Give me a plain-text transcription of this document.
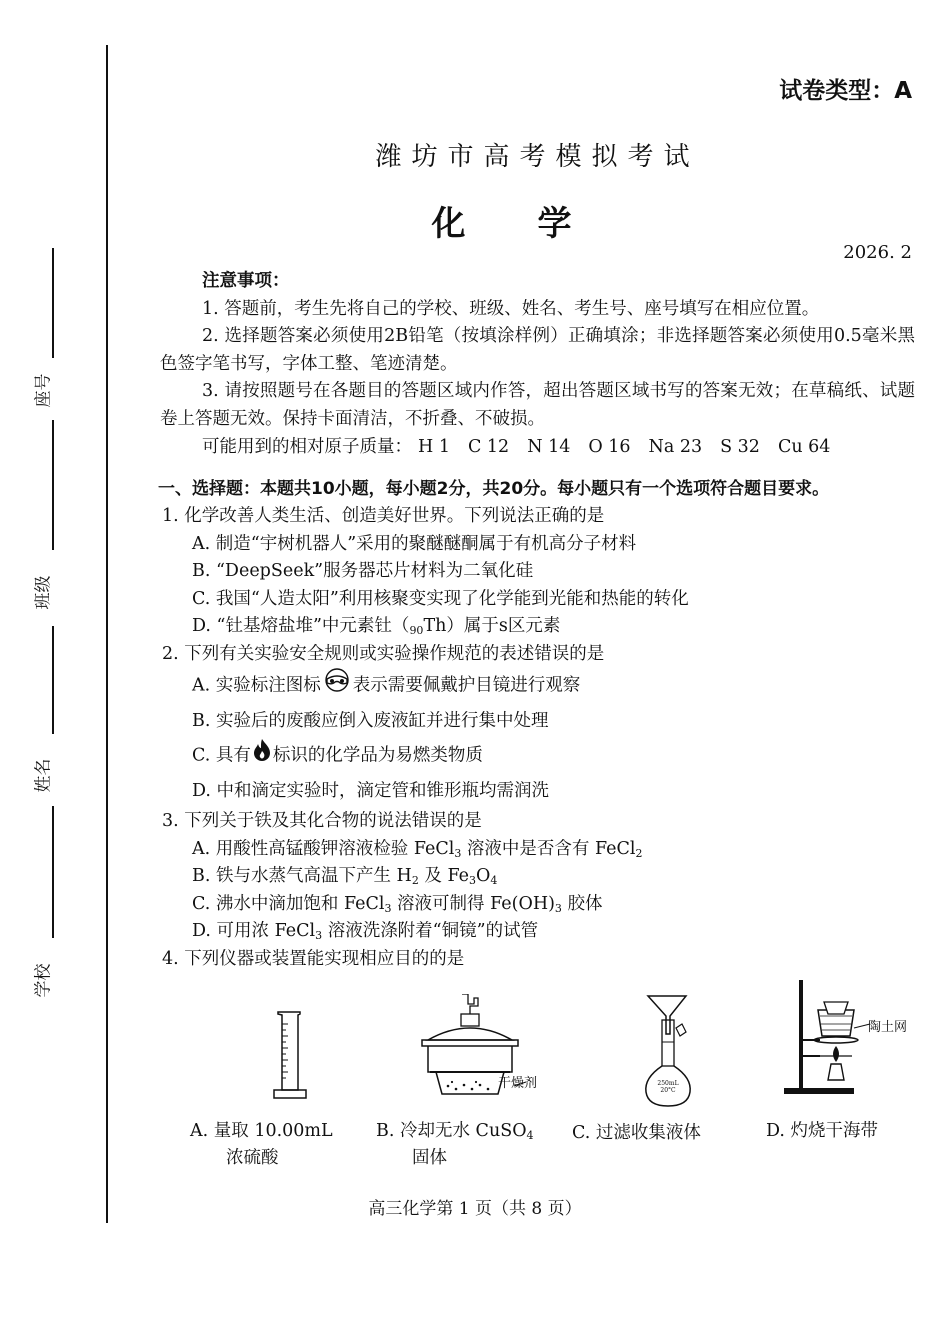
座号
班级
姓名
学校
试卷类型：A
潍坊市高考模拟考试
化学
2026. 2
注意事项：
1. 答题前，考生先将自己的学校、班级、姓名、考生号、座号填写在相应位置。
2. 选择题答案必须使用2B铅笔（按填涂样例）正确填涂；非选择题答案必须使用0.5毫米黑色签字笔书写，字体工整、笔迹清楚。
3. 请按照题号在各题目的答题区域内作答，超出答题区域书写的答案无效；在草稿纸、试题卷上答题无效。保持卡面清洁，不折叠、不破损。
可能用到的相对原子质量： H 1 C 12 N 14 O 16 Na 23 S 32 Cu 64
一、选择题：本题共10小题，每小题2分，共20分。每小题只有一个选项符合题目要求。
1. 化学改善人类生活、创造美好世界。下列说法正确的是
A. 制造“宇树机器人”采用的聚醚醚酮属于有机高分子材料
B. “DeepSeek”服务器芯片材料为二氧化硅
C. 我国“人造太阳”利用核聚变实现了化学能到光能和热能的转化
D. “钍基熔盐堆”中元素钍$(_{90}Th)$属于s区元素
2. 下列有关实验安全规则或实验操作规范的表述错误的是
A. 实验标注图标 表示需要佩戴护目镜进行观察
B. 实验后的废酸应倒入废液缸并进行集中处理
C. 具有 标识的化学品为易燃类物质
D. 中和滴定实验时，滴定管和锥形瓶均需润洗
3. 下列关于铁及其化合物的说法错误的是
A. 用酸性高锰酸钾溶液检验 FeCl$_3$ 溶液中是否含有 FeCl$_2$
B. 铁与水蒸气高温下产生 $H_2$ 及 $Fe_3O_4$
C. 沸水中滴加饱和 FeCl$_3$ 溶液可制得 $Fe(OH)_3$ 胶体
D. 可用浓 FeCl$_3$ 溶液洗涤附着“铜镜”的试管
4. 下列仪器或装置能实现相应目的的是
A. 量取 10.00mL
浓硫酸
干燥剂
B. 冷却无水 CuSO$_4$
固体
250mL
20°C
C. 过滤收集液体
陶土网
D. 灼烧干海带
高三化学第 1 页（共 8 页）
